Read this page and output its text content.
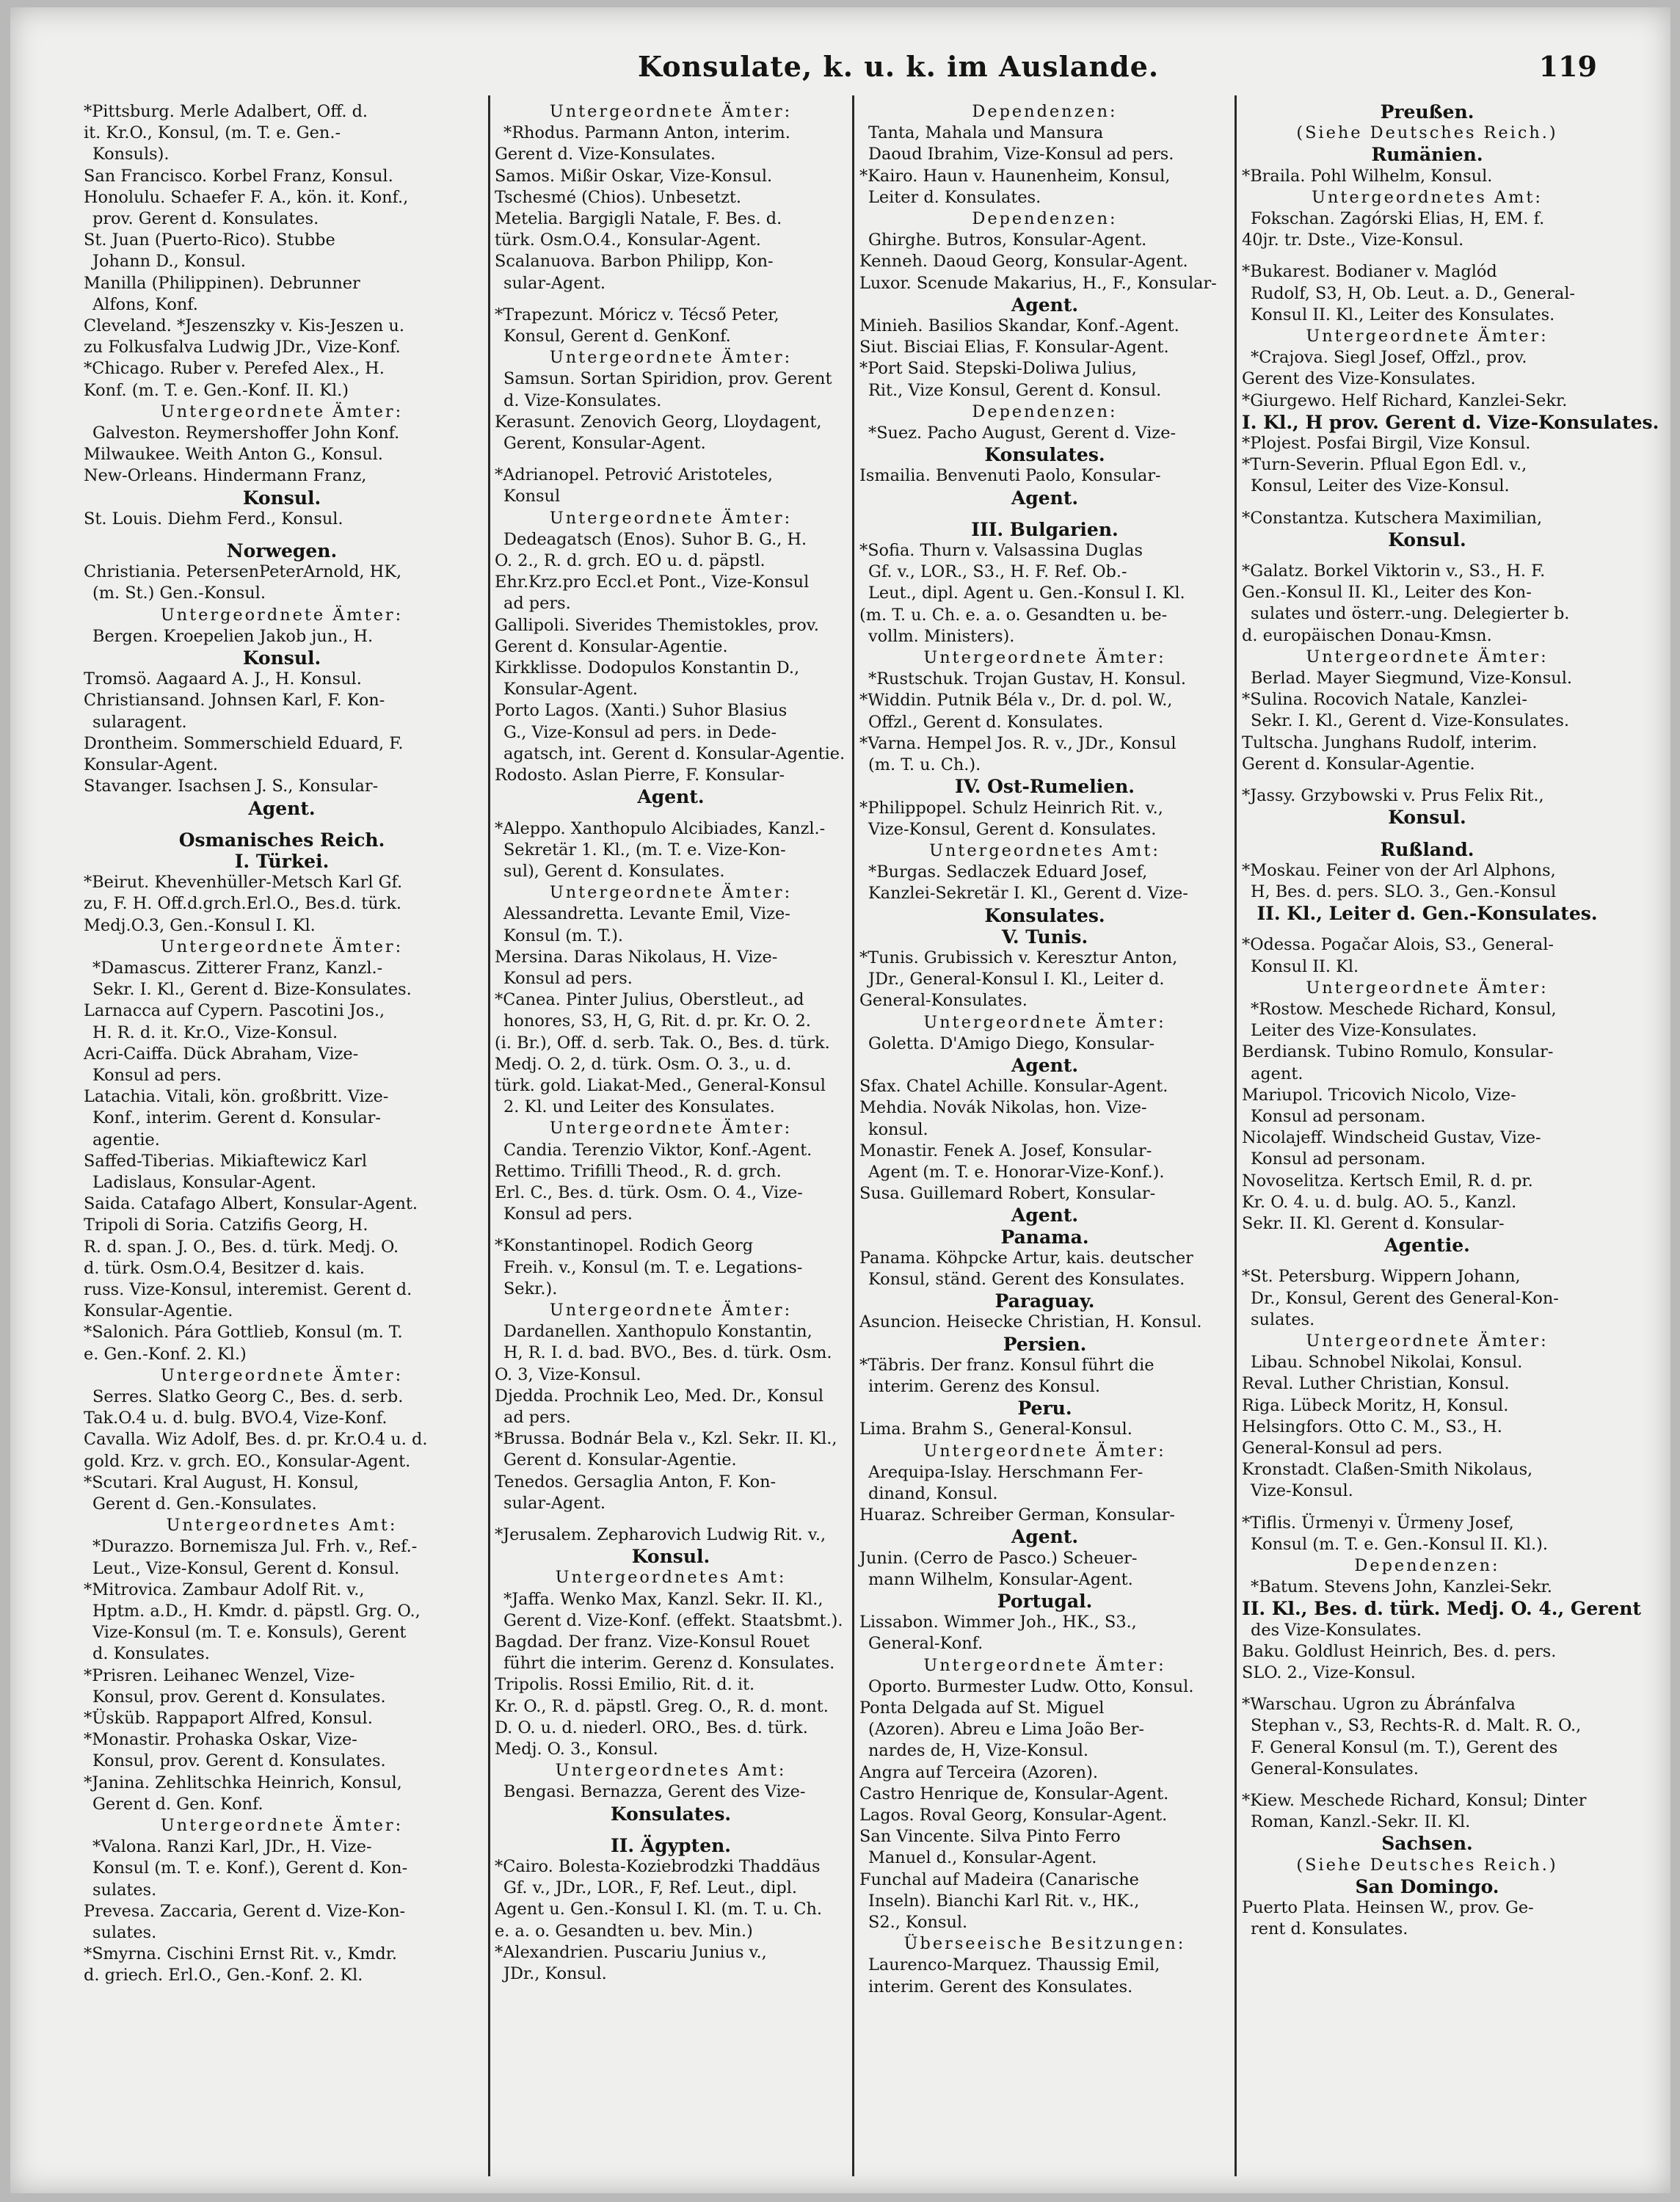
Konsulate, k. u. k. im Auslande.	119
*Pittsburg. Merle Adalbert, Off. d.
it. Kr.O., Konsul, (m. T. e. Gen.-
Konsuls).
San Francisco. Korbel Franz, Konsul.
Honolulu. Schaefer F. A., kön. it. Konf.,
prov. Gerent d. Konsulates.
St. Juan (Puerto-Rico). Stubbe
Johann D., Konsul.
Manilla (Philippinen). Debrunner
Alfons, Konf.
Cleveland. *Jeszenszky v. Kis-Jeszen u.
zu Folkusfalva Ludwig JDr., Vize-Konf.
*Chicago. Ruber v. Perefed Alex., H.
Konf. (m. T. e. Gen.-Konf. II. Kl.)
Untergeordnete Ämter:
Galveston. Reymershoffer John Konf.
Milwaukee. Weith Anton G., Konsul.
New-Orleans. Hindermann Franz,
Konsul.
St. Louis. Diehm Ferd., Konsul.
Norwegen.
Christiania. PetersenPeterArnold, HK,
(m. St.) Gen.-Konsul.
Untergeordnete Ämter:
Bergen. Kroepelien Jakob jun., H.
Konsul.
Tromsö. Aagaard A. J., H. Konsul.
Christiansand. Johnsen Karl, F. Kon-
sularagent.
Drontheim. Sommerschield Eduard, F.
Konsular-Agent.
Stavanger. Isachsen J. S., Konsular-
Agent.
Osmanisches Reich.
I. Türkei.
*Beirut. Khevenhüller-Metsch Karl Gf.
zu, F. H. Off.d.grch.Erl.O., Bes.d. türk.
Medj.O.3, Gen.-Konsul I. Kl.
Untergeordnete Ämter:
*Damascus. Zitterer Franz, Kanzl.-
Sekr. I. Kl., Gerent d. Bize-Konsulates.
Larnacca auf Cypern. Pascotini Jos.,
H. R. d. it. Kr.O., Vize-Konsul.
Acri-Caiffa. Dück Abraham, Vize-
Konsul ad pers.
Latachia. Vitali, kön. großbritt. Vize-
Konf., interim. Gerent d. Konsular-
agentie.
Saffed-Tiberias. Mikiaftewicz Karl
Ladislaus, Konsular-Agent.
Saida. Catafago Albert, Konsular-Agent.
Tripoli di Soria. Catzifis Georg, H.
R. d. span. J. O., Bes. d. türk. Medj. O.
d. türk. Osm.O.4, Besitzer d. kais.
russ. Vize-Konsul, interemist. Gerent d.
Konsular-Agentie.
*Salonich. Pára Gottlieb, Konsul (m. T.
e. Gen.-Konf. 2. Kl.)
Untergeordnete Ämter:
Serres. Slatko Georg C., Bes. d. serb.
Tak.O.4 u. d. bulg. BVO.4, Vize-Konf.
Cavalla. Wiz Adolf, Bes. d. pr. Kr.O.4 u. d.
gold. Krz. v. grch. EO., Konsular-Agent.
*Scutari. Kral August, H. Konsul,
Gerent d. Gen.-Konsulates.
Untergeordnetes Amt:
*Durazzo. Bornemisza Jul. Frh. v., Ref.-
Leut., Vize-Konsul, Gerent d. Konsul.
*Mitrovica. Zambaur Adolf Rit. v.,
Hptm. a.D., H. Kmdr. d. päpstl. Grg. O.,
Vize-Konsul (m. T. e. Konsuls), Gerent
d. Konsulates.
*Prisren. Leihanec Wenzel, Vize-
Konsul, prov. Gerent d. Konsulates.
*Üsküb. Rappaport Alfred, Konsul.
*Monastir. Prohaska Oskar, Vize-
Konsul, prov. Gerent d. Konsulates.
*Janina. Zehlitschka Heinrich, Konsul,
Gerent d. Gen. Konf.
Untergeordnete Ämter:
*Valona. Ranzi Karl, JDr., H. Vize-
Konsul (m. T. e. Konf.), Gerent d. Kon-
sulates.
Prevesa. Zaccaria, Gerent d. Vize-Kon-
sulates.
*Smyrna. Cischini Ernst Rit. v., Kmdr.
d. griech. Erl.O., Gen.-Konf. 2. Kl.
Untergeordnete Ämter:
*Rhodus. Parmann Anton, interim.
Gerent d. Vize-Konsulates.
Samos. Mißir Oskar, Vize-Konsul.
Tschesmé (Chios). Unbesetzt.
Metelia. Bargigli Natale, F. Bes. d.
türk. Osm.O.4., Konsular-Agent.
Scalanuova. Barbon Philipp, Kon-
sular-Agent.
*Trapezunt. Móricz v. Técső Peter,
Konsul, Gerent d. GenKonf.
Untergeordnete Ämter:
Samsun. Sortan Spiridion, prov. Gerent
d. Vize-Konsulates.
Kerasunt. Zenovich Georg, Lloydagent,
Gerent, Konsular-Agent.
*Adrianopel. Petrović Aristoteles,
Konsul
Untergeordnete Ämter:
Dedeagatsch (Enos). Suhor B. G., H.
O. 2., R. d. grch. EO u. d. päpstl.
Ehr.Krz.pro Eccl.et Pont., Vize-Konsul
ad pers.
Gallipoli. Siverides Themistokles, prov.
Gerent d. Konsular-Agentie.
Kirkklisse. Dodopulos Konstantin D.,
Konsular-Agent.
Porto Lagos. (Xanti.) Suhor Blasius
G., Vize-Konsul ad pers. in Dede-
agatsch, int. Gerent d. Konsular-Agentie.
Rodosto. Aslan Pierre, F. Konsular-
Agent.
*Aleppo. Xanthopulo Alcibiades, Kanzl.-
Sekretär 1. Kl., (m. T. e. Vize-Kon-
sul), Gerent d. Konsulates.
Untergeordnete Ämter:
Alessandretta. Levante Emil, Vize-
Konsul (m. T.).
Mersina. Daras Nikolaus, H. Vize-
Konsul ad pers.
*Canea. Pinter Julius, Oberstleut., ad
honores, S3, H, G, Rit. d. pr. Kr. O. 2.
(i. Br.), Off. d. serb. Tak. O., Bes. d. türk.
Medj. O. 2, d. türk. Osm. O. 3., u. d.
türk. gold. Liakat-Med., General-Konsul
2. Kl. und Leiter des Konsulates.
Untergeordnete Ämter:
Candia. Terenzio Viktor, Konf.-Agent.
Rettimo. Trifilli Theod., R. d. grch.
Erl. C., Bes. d. türk. Osm. O. 4., Vize-
Konsul ad pers.
*Konstantinopel. Rodich Georg
Freih. v., Konsul (m. T. e. Legations-
Sekr.).
Untergeordnete Ämter:
Dardanellen. Xanthopulo Konstantin,
H, R. I. d. bad. BVO., Bes. d. türk. Osm.
O. 3, Vize-Konsul.
Djedda. Prochnik Leo, Med. Dr., Konsul
ad pers.
*Brussa. Bodnár Bela v., Kzl. Sekr. II. Kl.,
Gerent d. Konsular-Agentie.
Tenedos. Gersaglia Anton, F. Kon-
sular-Agent.
*Jerusalem. Zepharovich Ludwig Rit. v.,
Konsul.
Untergeordnetes Amt:
*Jaffa. Wenko Max, Kanzl. Sekr. II. Kl.,
Gerent d. Vize-Konf. (effekt. Staatsbmt.).
Bagdad. Der franz. Vize-Konsul Rouet
führt die interim. Gerenz d. Konsulates.
Tripolis. Rossi Emilio, Rit. d. it.
Kr. O., R. d. päpstl. Greg. O., R. d. mont.
D. O. u. d. niederl. ORO., Bes. d. türk.
Medj. O. 3., Konsul.
Untergeordnetes Amt:
Bengasi. Bernazza, Gerent des Vize-
Konsulates.
II. Ägypten.
*Cairo. Bolesta-Koziebrodzki Thaddäus
Gf. v., JDr., LOR., F, Ref. Leut., dipl.
Agent u. Gen.-Konsul I. Kl. (m. T. u. Ch.
e. a. o. Gesandten u. bev. Min.)
*Alexandrien. Puscariu Junius v.,
JDr., Konsul.
Dependenzen:
Tanta, Mahala und Mansura
Daoud Ibrahim, Vize-Konsul ad pers.
*Kairo. Haun v. Haunenheim, Konsul,
Leiter d. Konsulates.
Dependenzen:
Ghirghe. Butros, Konsular-Agent.
Kenneh. Daoud Georg, Konsular-Agent.
Luxor. Scenude Makarius, H., F., Konsular-
Agent.
Minieh. Basilios Skandar, Konf.-Agent.
Siut. Bisciai Elias, F. Konsular-Agent.
*Port Said. Stepski-Doliwa Julius,
Rit., Vize Konsul, Gerent d. Konsul.
Dependenzen:
*Suez. Pacho August, Gerent d. Vize-
Konsulates.
Ismailia. Benvenuti Paolo, Konsular-
Agent.
III. Bulgarien.
*Sofia. Thurn v. Valsassina Duglas
Gf. v., LOR., S3., H. F. Ref. Ob.-
Leut., dipl. Agent u. Gen.-Konsul I. Kl.
(m. T. u. Ch. e. a. o. Gesandten u. be-
vollm. Ministers).
Untergeordnete Ämter:
*Rustschuk. Trojan Gustav, H. Konsul.
*Widdin. Putnik Béla v., Dr. d. pol. W.,
Offzl., Gerent d. Konsulates.
*Varna. Hempel Jos. R. v., JDr., Konsul
(m. T. u. Ch.).
IV. Ost-Rumelien.
*Philippopel. Schulz Heinrich Rit. v.,
Vize-Konsul, Gerent d. Konsulates.
Untergeordnetes Amt:
*Burgas. Sedlaczek Eduard Josef,
Kanzlei-Sekretär I. Kl., Gerent d. Vize-
Konsulates.
V. Tunis.
*Tunis. Grubissich v. Keresztur Anton,
JDr., General-Konsul I. Kl., Leiter d.
General-Konsulates.
Untergeordnete Ämter:
Goletta. D'Amigo Diego, Konsular-
Agent.
Sfax. Chatel Achille. Konsular-Agent.
Mehdia. Novák Nikolas, hon. Vize-
konsul.
Monastir. Fenek A. Josef, Konsular-
Agent (m. T. e. Honorar-Vize-Konf.).
Susa. Guillemard Robert, Konsular-
Agent.
Panama.
Panama. Köhpcke Artur, kais. deutscher
Konsul, ständ. Gerent des Konsulates.
Paraguay.
Asuncion. Heisecke Christian, H. Konsul.
Persien.
*Täbris. Der franz. Konsul führt die
interim. Gerenz des Konsul.
Peru.
Lima. Brahm S., General-Konsul.
Untergeordnete Ämter:
Arequipa-Islay. Herschmann Fer-
dinand, Konsul.
Huaraz. Schreiber German, Konsular-
Agent.
Junin. (Cerro de Pasco.) Scheuer-
mann Wilhelm, Konsular-Agent.
Portugal.
Lissabon. Wimmer Joh., HK., S3.,
General-Konf.
Untergeordnete Ämter:
Oporto. Burmester Ludw. Otto, Konsul.
Ponta Delgada auf St. Miguel
(Azoren). Abreu e Lima João Ber-
nardes de, H, Vize-Konsul.
Angra auf Terceira (Azoren).
Castro Henrique de, Konsular-Agent.
Lagos. Roval Georg, Konsular-Agent.
San Vincente. Silva Pinto Ferro
Manuel d., Konsular-Agent.
Funchal auf Madeira (Canarische
Inseln). Bianchi Karl Rit. v., HK.,
S2., Konsul.
Überseeische Besitzungen:
Laurenco-Marquez. Thaussig Emil,
interim. Gerent des Konsulates.
Preußen.
(Siehe Deutsches Reich.)
Rumänien.
*Braila. Pohl Wilhelm, Konsul.
Untergeordnetes Amt:
Fokschan. Zagórski Elias, H, EM. f.
40jr. tr. Dste., Vize-Konsul.
*Bukarest. Bodianer v. Maglód
Rudolf, S3, H, Ob. Leut. a. D., General-
Konsul II. Kl., Leiter des Konsulates.
Untergeordnete Ämter:
*Crajova. Siegl Josef, Offzl., prov.
Gerent des Vize-Konsulates.
*Giurgewo. Helf Richard, Kanzlei-Sekr.
I. Kl., H prov. Gerent d. Vize-Konsulates.
*Plojest. Posfai Birgil, Vize Konsul.
*Turn-Severin. Pflual Egon Edl. v.,
Konsul, Leiter des Vize-Konsul.
*Constantza. Kutschera Maximilian,
Konsul.
*Galatz. Borkel Viktorin v., S3., H. F.
Gen.-Konsul II. Kl., Leiter des Kon-
sulates und österr.-ung. Delegierter b.
d. europäischen Donau-Kmsn.
Untergeordnete Ämter:
Berlad. Mayer Siegmund, Vize-Konsul.
*Sulina. Rocovich Natale, Kanzlei-
Sekr. I. Kl., Gerent d. Vize-Konsulates.
Tultscha. Junghans Rudolf, interim.
Gerent d. Konsular-Agentie.
*Jassy. Grzybowski v. Prus Felix Rit.,
Konsul.
Rußland.
*Moskau. Feiner von der Arl Alphons,
H, Bes. d. pers. SLO. 3., Gen.-Konsul
II. Kl., Leiter d. Gen.-Konsulates.
*Odessa. Pogačar Alois, S3., General-
Konsul II. Kl.
Untergeordnete Ämter:
*Rostow. Meschede Richard, Konsul,
Leiter des Vize-Konsulates.
Berdiansk. Tubino Romulo, Konsular-
agent.
Mariupol. Tricovich Nicolo, Vize-
Konsul ad personam.
Nicolajeff. Windscheid Gustav, Vize-
Konsul ad personam.
Novoselitza. Kertsch Emil, R. d. pr.
Kr. O. 4. u. d. bulg. AO. 5., Kanzl.
Sekr. II. Kl. Gerent d. Konsular-
Agentie.
*St. Petersburg. Wippern Johann,
Dr., Konsul, Gerent des General-Kon-
sulates.
Untergeordnete Ämter:
Libau. Schnobel Nikolai, Konsul.
Reval. Luther Christian, Konsul.
Riga. Lübeck Moritz, H, Konsul.
Helsingfors. Otto C. M., S3., H.
General-Konsul ad pers.
Kronstadt. Claßen-Smith Nikolaus,
Vize-Konsul.
*Tiflis. Ürmenyi v. Ürmeny Josef,
Konsul (m. T. e. Gen.-Konsul II. Kl.).
Dependenzen:
*Batum. Stevens John, Kanzlei-Sekr.
II. Kl., Bes. d. türk. Medj. O. 4., Gerent
des Vize-Konsulates.
Baku. Goldlust Heinrich, Bes. d. pers.
SLO. 2., Vize-Konsul.
*Warschau. Ugron zu Ábránfalva
Stephan v., S3, Rechts-R. d. Malt. R. O.,
F. General Konsul (m. T.), Gerent des
General-Konsulates.
*Kiew. Meschede Richard, Konsul; Dinter
Roman, Kanzl.-Sekr. II. Kl.
Sachsen.
(Siehe Deutsches Reich.)
San Domingo.
Puerto Plata. Heinsen W., prov. Ge-
rent d. Konsulates.
